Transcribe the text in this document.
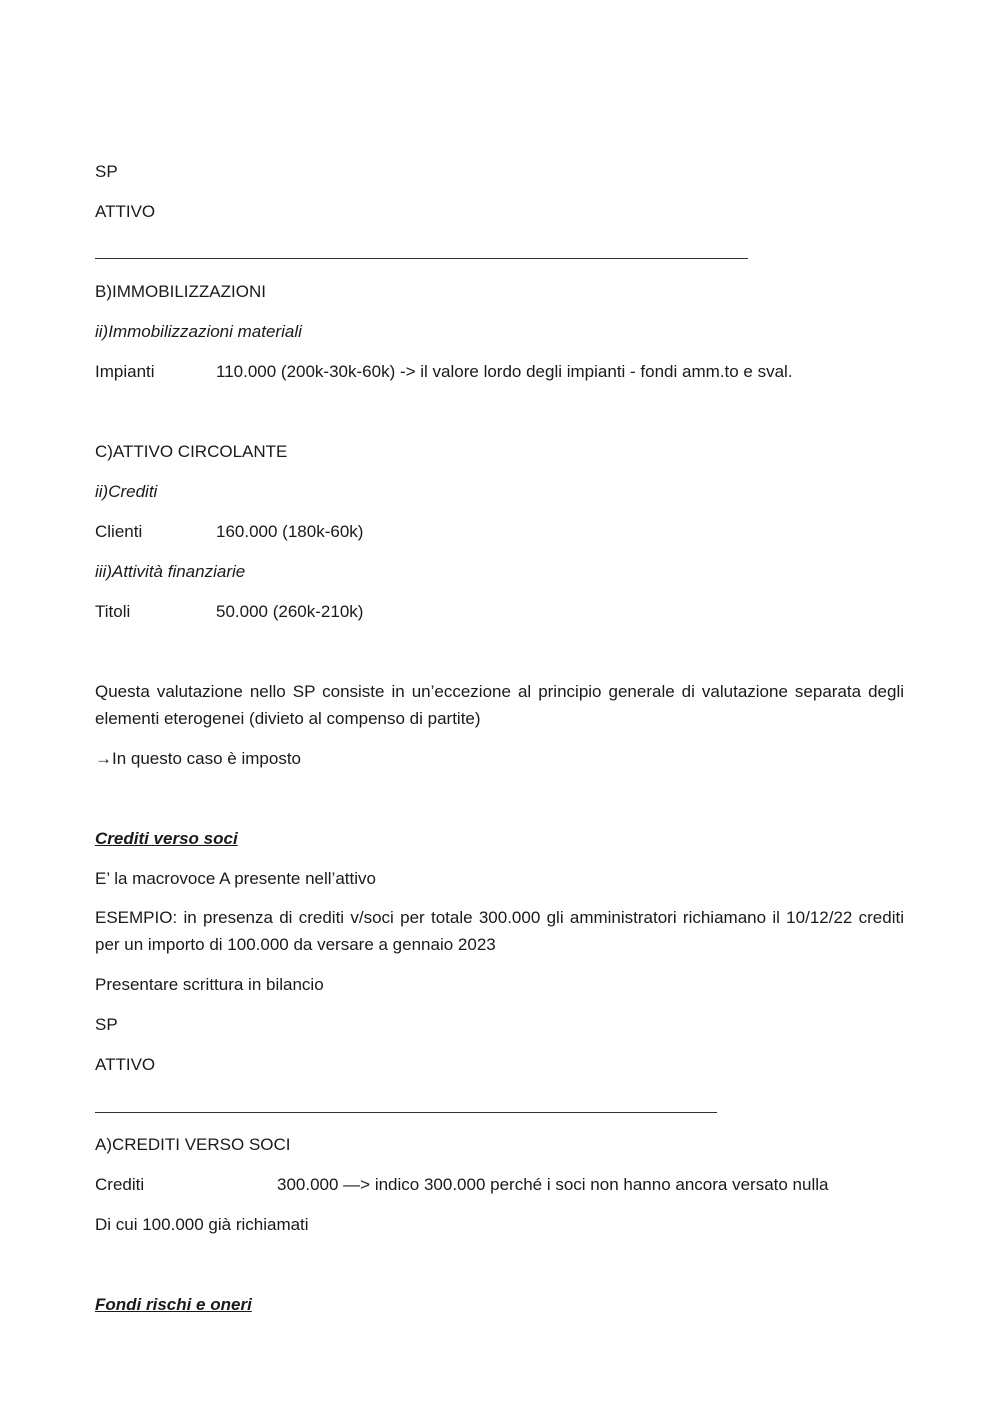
SP
ATTIVO
B)IMMOBILIZZAZIONI
ii)Immobilizzazioni materiali
Impianti	110.000 (200k-30k-60k) -> il valore lordo degli impianti - fondi amm.to e sval.
C)ATTIVO CIRCOLANTE
ii)Crediti
Clienti	160.000 (180k-60k)
iii)Attività finanziarie
Titoli	50.000 (260k-210k)
Questa valutazione nello SP consiste in un’eccezione al principio generale di valutazione separata degli elementi eterogenei (divieto al compenso di partite)
→In questo caso è imposto
Crediti verso soci
E’ la macrovoce A presente nell’attivo
ESEMPIO: in presenza di crediti v/soci per totale 300.000 gli amministratori richiamano il 10/12/22 crediti per un importo di 100.000 da versare a gennaio 2023
Presentare scrittura in bilancio
SP
ATTIVO
A)CREDITI VERSO SOCI
Crediti	300.000 —> indico 300.000 perché i soci non hanno ancora versato nulla
Di cui 100.000 già richiamati
Fondi rischi e oneri
